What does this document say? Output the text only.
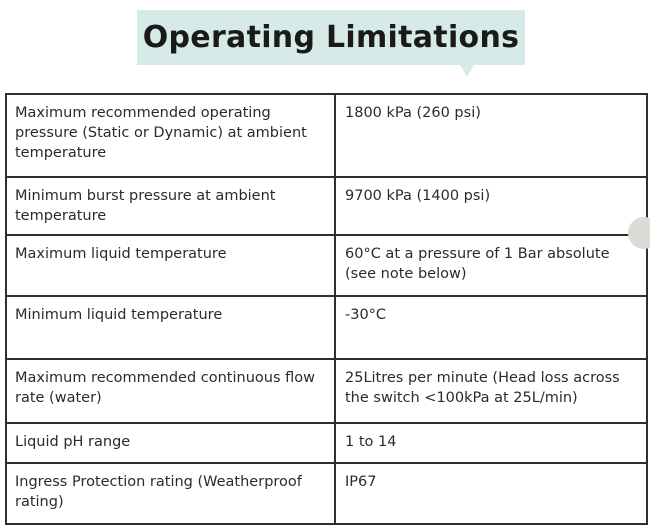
Operating Limitations
Maximum recommended operating pressure (Static or Dynamic) at ambient temperature	1800 kPa (260 psi)
Minimum burst pressure at ambient temperature	9700 kPa (1400 psi)
Maximum liquid temperature	60°C at a pressure of 1 Bar absolute (see note below)
Minimum liquid temperature	-30°C
Maximum recommended continuous flow rate (water)	25Litres per minute (Head loss across the switch <100kPa at 25L/min)
Liquid pH range	1 to 14
Ingress Protection rating (Weatherproof rating)	IP67
